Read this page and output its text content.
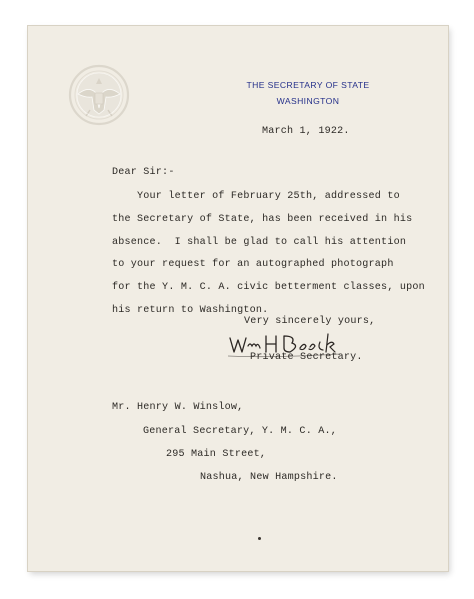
THE SECRETARY OF STATE
WASHINGTON
March 1, 1922.
Dear Sir:-
Your letter of February 25th, addressed to
the Secretary of State, has been received in his
absence.  I shall be glad to call his attention
to your request for an autographed photograph
for the Y. M. C. A. civic betterment classes, upon
his return to Washington.
Very sincerely yours,
Private Secretary.
Mr. Henry W. Winslow,
General Secretary, Y. M. C. A.,
295 Main Street,
Nashua, New Hampshire.
